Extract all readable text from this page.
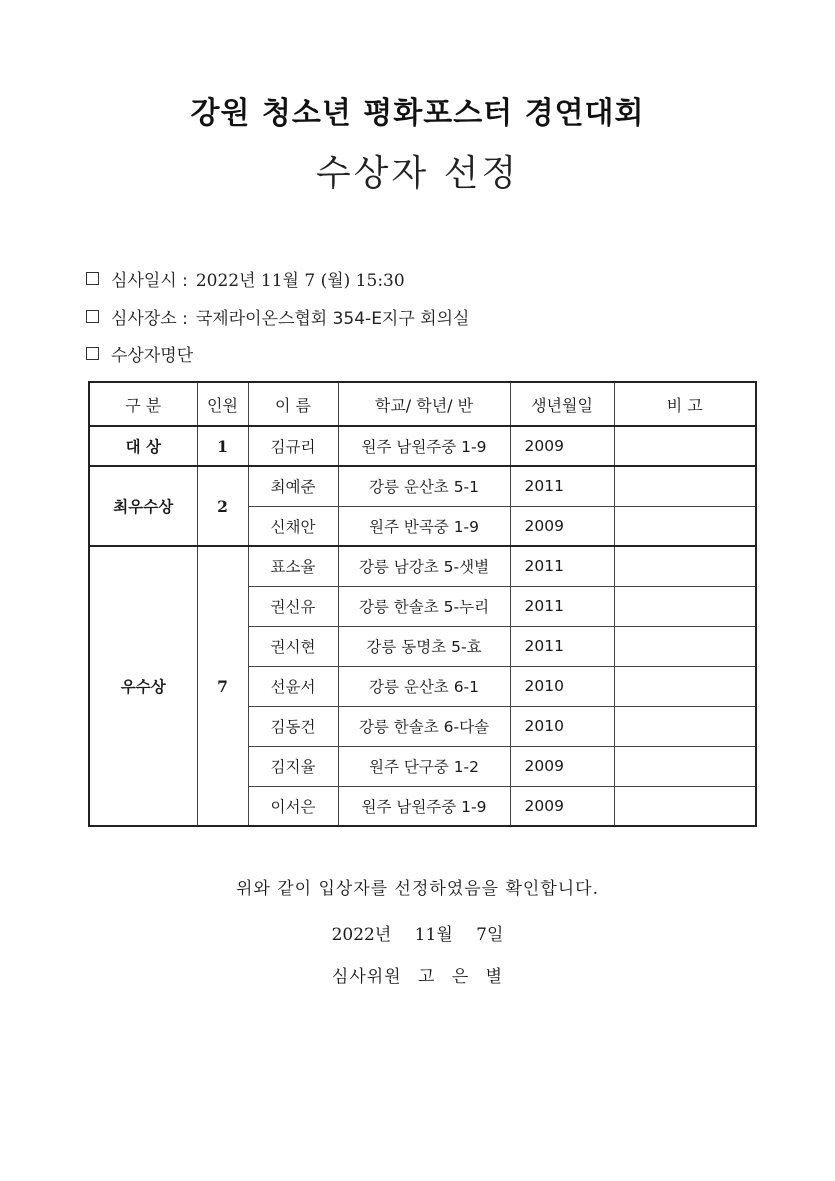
강원 청소년 평화포스터 경연대회
수상자 선정
심사일시 : 2022년 11월 7 (월) 15:30
심사장소 : 국제라이온스협회 354-E지구 회의실
수상자명단
구 분	인원	이 름	학교/ 학년/ 반	생년월일	비 고
대 상	1	김규리	원주 남원주중 1-9	2009	
최우수상	2	최예준	강릉 운산초 5-1	2011	
		신채안	원주 반곡중 1-9	2009	
우수상	7	표소율	강릉 남강초 5-샛별	2011	
		권신유	강릉 한솔초 5-누리	2011	
		권시현	강릉 동명초 5-효	2011	
		선윤서	강릉 운산초 6-1	2010	
		김동건	강릉 한솔초 6-다솔	2010	
		김지율	원주 단구중 1-2	2009	
		이서은	원주 남원주중 1-9	2009	
위와 같이 입상자를 선정하였음을 확인합니다.
2022년 11월 7일
심사위원 고 은 별
